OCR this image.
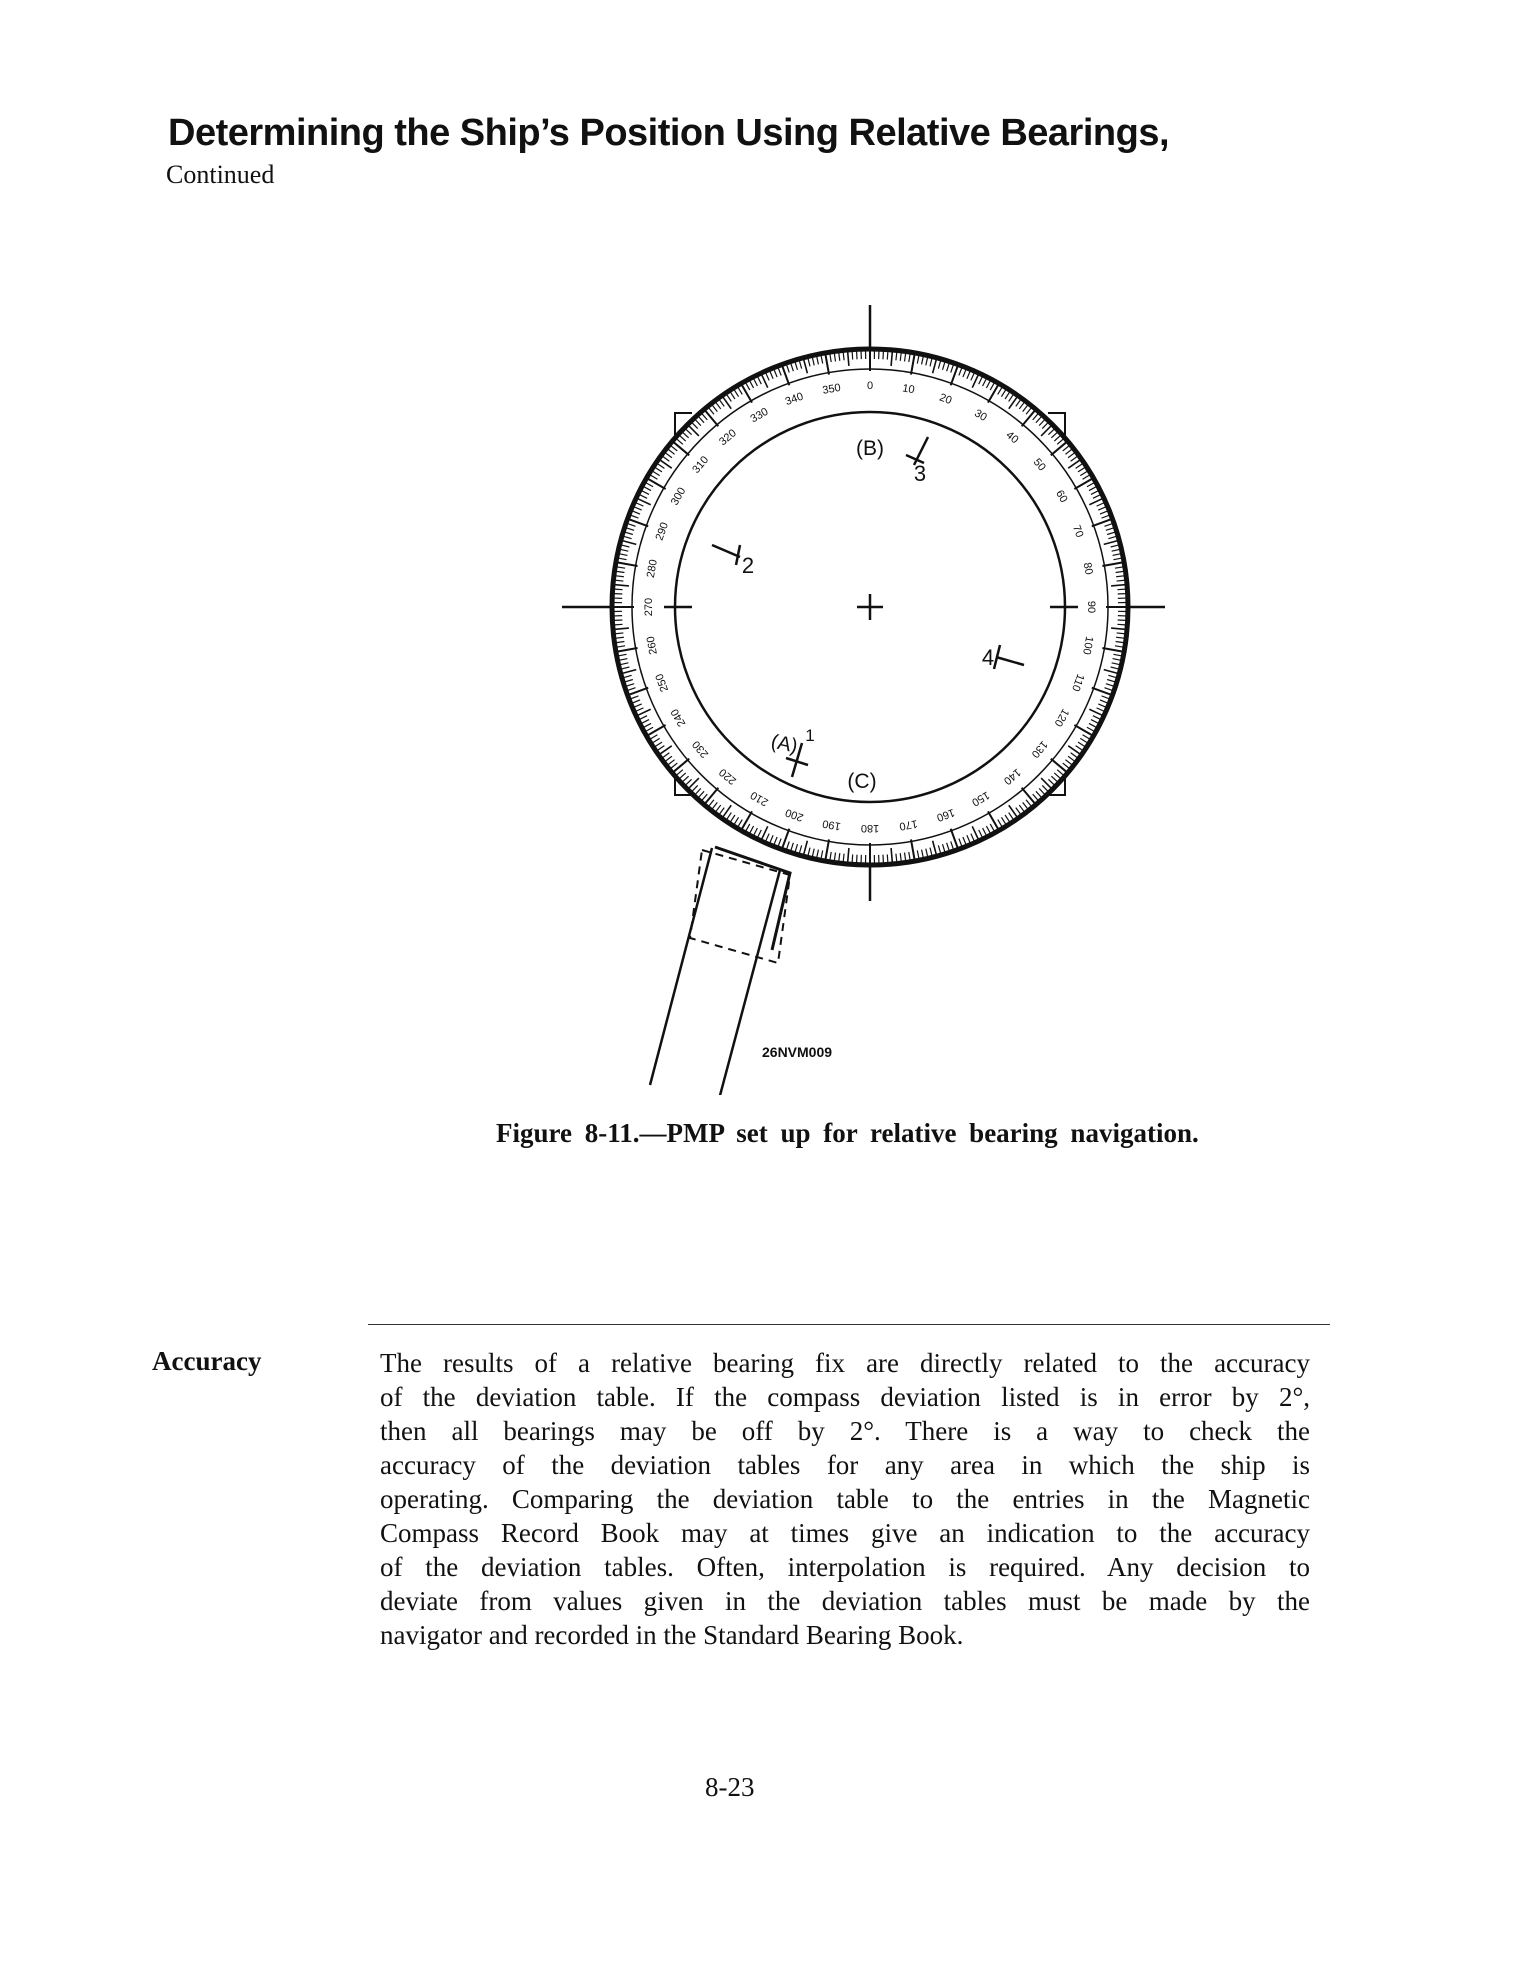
Determining the Ship’s Position Using Relative Bearings,
Continued
0	10
20
30
40
50
60
70
80
90
100
110
120
130
140
150
160
170
180
190
200
210
220
230
240
250
260
270
280
290
300
310
320
330
340
350
(B)
(C)
(A) 1
2
3
4
26NVM009
Figure 8-11.—PMP set up for relative bearing navigation.
Accuracy	The results of a relative bearing fix are directly related to the accuracy
of the deviation table. If the compass deviation listed is in error by 2°,
then all bearings may be off by 2°. There is a way to check the
accuracy of the deviation tables for any area in which the ship is
operating. Comparing the deviation table to the entries in the Magnetic
Compass Record Book may at times give an indication to the accuracy
of the deviation tables. Often, interpolation is required. Any decision to
deviate from values given in the deviation tables must be made by the
navigator and recorded in the Standard Bearing Book.
8-23
